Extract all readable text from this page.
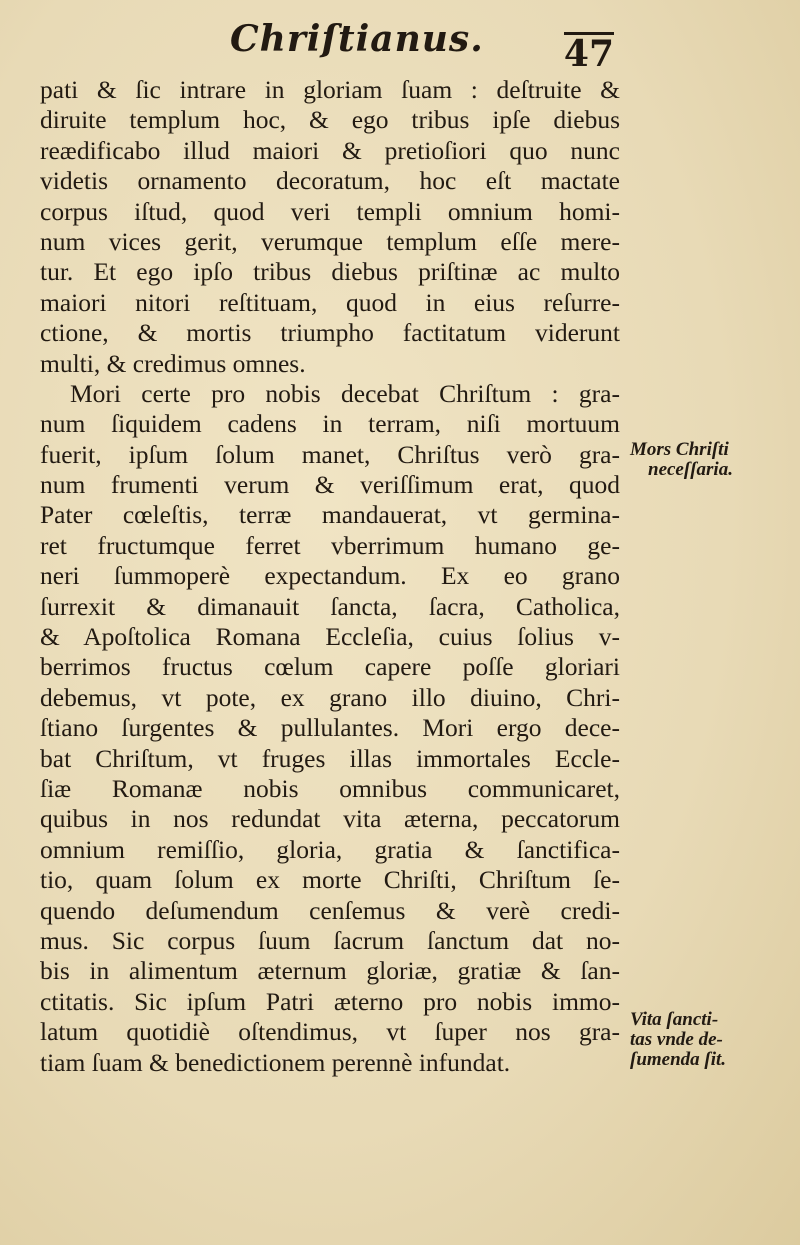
Chriſtianus. 47
pati & ſic intrare in gloriam ſuam : deſtruite &
diruite templum hoc, & ego tribus ipſe diebus
reædificabo illud maiori & pretioſiori quo nunc
videtis ornamento decoratum, hoc eſt mactate
corpus iſtud, quod veri templi omnium homi-
num vices gerit, verumque templum eſſe mere-
tur. Et ego ipſo tribus diebus priſtinæ ac multo
maiori nitori reſtituam, quod in eius reſurre-
ctione, & mortis triumpho factitatum viderunt
multi, & credimus omnes.
Mori certe pro nobis decebat Chriſtum : gra-
num ſiquidem cadens in terram, niſi mortuum
fuerit, ipſum ſolum manet, Chriſtus verò gra-
num frumenti verum & veriſſimum erat, quod
Pater cœleſtis, terræ mandauerat, vt germina-
ret fructumque ferret vberrimum humano ge-
neri ſummoperè expectandum. Ex eo grano
ſurrexit & dimanauit ſancta, ſacra, Catholica,
& Apoſtolica Romana Eccleſia, cuius ſolius v-
berrimos fructus cœlum capere poſſe gloriari
debemus, vt pote, ex grano illo diuino, Chri-
ſtiano ſurgentes & pullulantes. Mori ergo dece-
bat Chriſtum, vt fruges illas immortales Eccle-
ſiæ Romanæ nobis omnibus communicaret,
quibus in nos redundat vita æterna, peccatorum
omnium remiſſio, gloria, gratia & ſanctifica-
tio, quam ſolum ex morte Chriſti, Chriſtum ſe-
quendo deſumendum cenſemus & verè credi-
mus. Sic corpus ſuum ſacrum ſanctum dat no-
bis in alimentum æternum gloriæ, gratiæ & ſan-
ctitatis. Sic ipſum Patri æterno pro nobis immo-
latum quotidiè oſtendimus, vt ſuper nos gra-
tiam ſuam & benedictionem perennè infundat.
Mors Chriſti
neceſſaria.
Vita ſancti-
tas vnde de-
ſumenda ſit.
